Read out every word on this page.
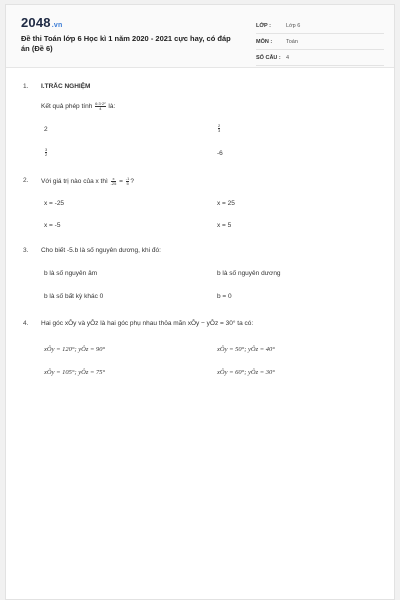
2048.vn
Đề thi Toán lớp 6 Học kì 1 năm 2020 - 2021 cực hay, có đáp án (Đề 6)
LỚP :	Lớp 6
MÔN :	Toán
SỐ CÂU : 4
1. I.TRẮC NGHIỆM
Kết quả phép tính $\frac{\text{6:3·2²}}{4}$ là:
2	$\frac{2}{3}$
$\frac{3}{2}$	-6
2. Với giá trị nào của x thì $\frac{x}{-25} = \frac{-1}{5}$ ?
x = -25	x = 25
x = -5	x = 5
3. Cho biết -5.b là số nguyên dương, khi đó:
b là số nguyên âm	b là số nguyên dương
b là số bất kỳ khác 0	b = 0
4. Hai góc xÔy và yÔz là hai góc phụ nhau thỏa mãn xÔy − yÔz = 30° ta có:
xÔy = 120°; yÔz = 90°	xÔy = 50°; yÔz = 40°
xÔy = 105°; yÔz = 75°	xÔy = 60°; yÔz = 30°
